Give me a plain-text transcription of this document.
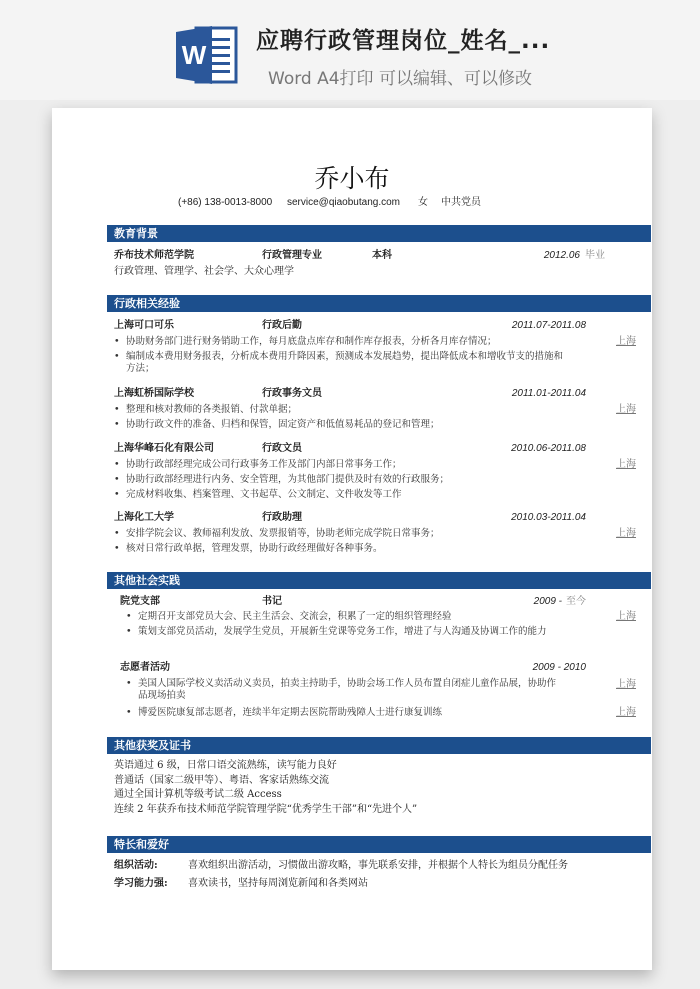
W 应聘行政管理岗位_姓名_...
Word A4打印 可以编辑、可以修改
乔小布
(+86) 138-0013-8000 service@qiaobutang.com 女 中共党员
教育背景
乔布技术师范学院	行政管理专业	本科	2012.06 毕业
行政管理、管理学、社会学、大众心理学
行政相关经验
上海可口可乐	行政后勤	2011.07-2011.08
• 协助财务部门进行财务销助工作，每月底盘点库存和制作库存报表，分析各月库存情况；	上海
• 编制成本费用财务报表，分析成本费用升降因素，预测成本发展趋势，提出降低成本和增收节支的措施和方法；
上海虹桥国际学校	行政事务文员	2011.01-2011.04
• 整理和核对教师的各类报销、付款单据；	上海
• 协助行政文件的准备、归档和保管，固定资产和低值易耗品的登记和管理；
上海华峰石化有限公司	行政文员	2010.06-2011.08
• 协助行政部经理完成公司行政事务工作及部门内部日常事务工作；	上海
• 协助行政部经理进行内务、安全管理，为其他部门提供及时有效的行政服务；
• 完成材料收集、档案管理、文书起草、公文制定、文件收发等工作
上海化工大学	行政助理	2010.03-2011.04
• 安排学院会议、教师福利发放、发票报销等，协助老师完成学院日常事务；	上海
• 核对日常行政单据，管理发票，协助行政经理做好各种事务。
其他社会实践
院党支部	书记	2009 - 至今
• 定期召开支部党员大会、民主生活会、交流会，积累了一定的组织管理经验	上海
• 策划支部党员活动，发展学生党员，开展新生党课等党务工作，增进了与人沟通及协调工作的能力
志愿者活动	2009 - 2010
• 美国人国际学校义卖活动义卖员，拍卖主持助手，协助会场工作人员布置自闭症儿童作品展，协助作品现场拍卖
上海
• 博爱医院康复部志愿者，连续半年定期去医院帮助残障人士进行康复训练	上海
其他获奖及证书
英语通过 6 级，日常口语交流熟练，读写能力良好
普通话（国家二级甲等）、粤语、客家话熟练交流
通过全国计算机等级考试二级 Access
连续 2 年获乔布技术师范学院管理学院“优秀学生干部”和“先进个人”
特长和爱好
组织活动:	喜欢组织出游活动，习惯做出游攻略，事先联系安排，并根据个人特长为组员分配任务
学习能力强: 喜欢读书，坚持每周浏览新闻和各类网站
